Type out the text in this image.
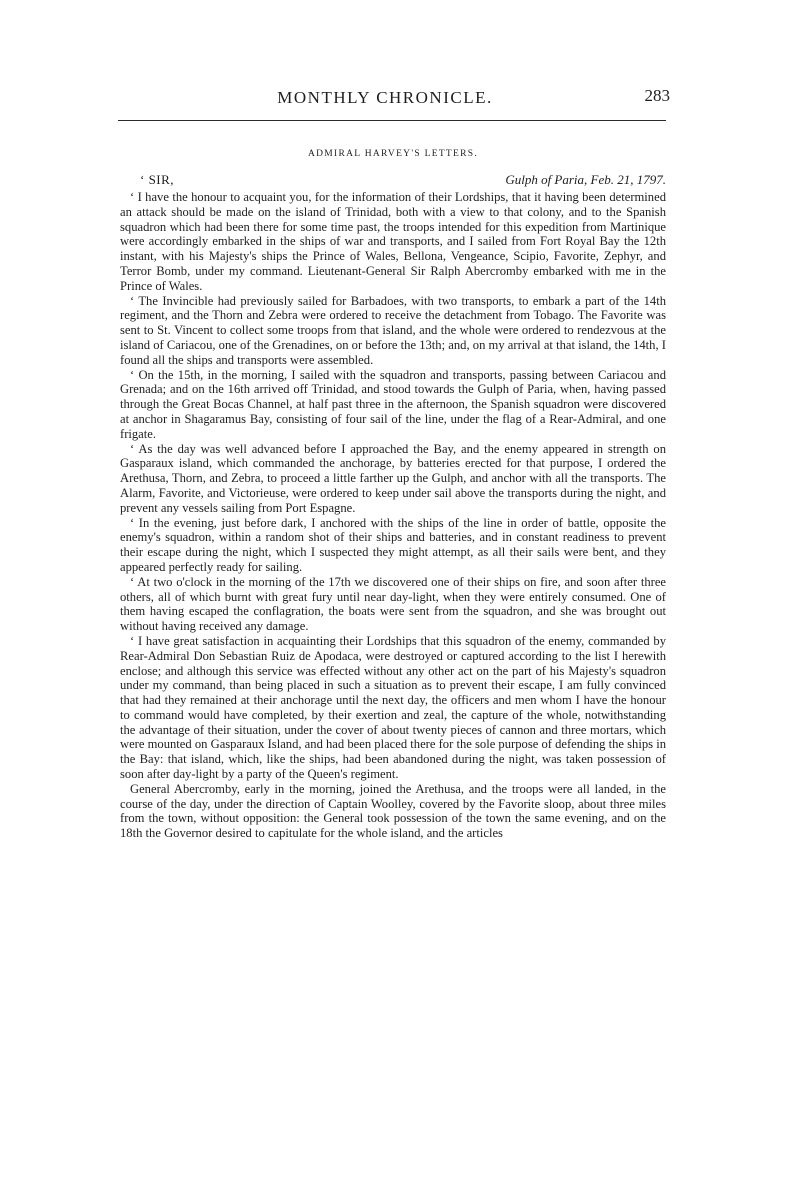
MONTHLY CHRONICLE.	283
ADMIRAL HARVEY'S LETTERS.
‘ SIR,	Gulph of Paria, Feb. 21, 1797.

‘ I have the honour to acquaint you, for the information of their Lordships, that it having been determined an attack should be made on the island of Trinidad, both with a view to that colony, and to the Spanish squadron which had been there for some time past, the troops intended for this expedition from Martinique were accordingly embarked in the ships of war and transports, and I sailed from Fort Royal Bay the 12th instant, with his Majesty's ships the Prince of Wales, Bellona, Vengeance, Scipio, Favorite, Zephyr, and Terror Bomb, under my command. Lieutenant-General Sir Ralph Abercromby embarked with me in the Prince of Wales.

‘ The Invincible had previously sailed for Barbadoes, with two transports, to embark a part of the 14th regiment, and the Thorn and Zebra were ordered to receive the detachment from Tobago. The Favorite was sent to St. Vincent to collect some troops from that island, and the whole were ordered to rendezvous at the island of Cariacou, one of the Grenadines, on or before the 13th; and, on my arrival at that island, the 14th, I found all the ships and transports were assembled.

‘ On the 15th, in the morning, I sailed with the squadron and transports, passing between Cariacou and Grenada; and on the 16th arrived off Trinidad, and stood towards the Gulph of Paria, when, having passed through the Great Bocas Channel, at half past three in the afternoon, the Spanish squadron were discovered at anchor in Shagaramus Bay, consisting of four sail of the line, under the flag of a Rear-Admiral, and one frigate.

‘ As the day was well advanced before I approached the Bay, and the enemy appeared in strength on Gasparaux island, which commanded the anchorage, by batteries erected for that purpose, I ordered the Arethusa, Thorn, and Zebra, to proceed a little farther up the Gulph, and anchor with all the transports. The Alarm, Favorite, and Victorieuse, were ordered to keep under sail above the transports during the night, and prevent any vessels sailing from Port Espagne.

‘ In the evening, just before dark, I anchored with the ships of the line in order of battle, opposite the enemy's squadron, within a random shot of their ships and batteries, and in constant readiness to prevent their escape during the night, which I suspected they might attempt, as all their sails were bent, and they appeared perfectly ready for sailing.

‘ At two o'clock in the morning of the 17th we discovered one of their ships on fire, and soon after three others, all of which burnt with great fury until near day-light, when they were entirely consumed. One of them having escaped the conflagration, the boats were sent from the squadron, and she was brought out without having received any damage.

‘ I have great satisfaction in acquainting their Lordships that this squadron of the enemy, commanded by Rear-Admiral Don Sebastian Ruiz de Apodaca, were destroyed or captured according to the list I herewith enclose; and although this service was effected without any other act on the part of his Majesty's squadron under my command, than being placed in such a situation as to prevent their escape, I am fully convinced that had they remained at their anchorage until the next day, the officers and men whom I have the honour to command would have completed, by their exertion and zeal, the capture of the whole, notwithstanding the advantage of their situation, under the cover of about twenty pieces of cannon and three mortars, which were mounted on Gasparaux Island, and had been placed there for the sole purpose of defending the ships in the Bay: that island, which, like the ships, had been abandoned during the night, was taken possession of soon after day-light by a party of the Queen's regiment.

General Abercromby, early in the morning, joined the Arethusa, and the troops were all landed, in the course of the day, under the direction of Captain Woolley, covered by the Favorite sloop, about three miles from the town, without opposition: the General took possession of the town the same evening, and on the 18th the Governor desired to capitulate for the whole island, and the articles
